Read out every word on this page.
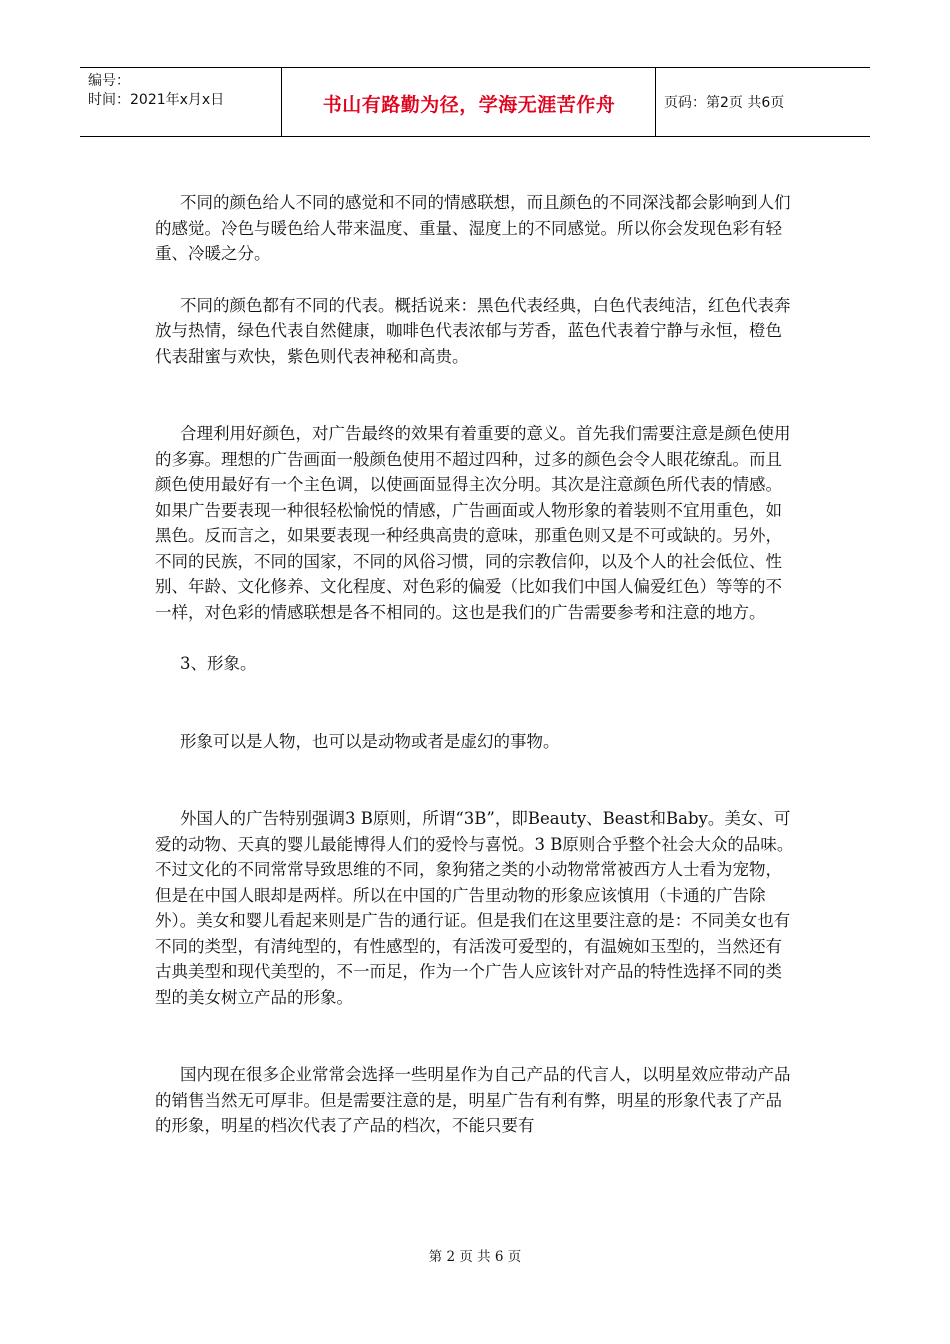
编号：
时间：2021年x月x日	书山有路勤为径，学海无涯苦作舟	页码：第2页 共6页

不同的颜色给人不同的感觉和不同的情感联想，而且颜色的不同深浅都会影响到人们的感觉。冷色与暖色给人带来温度、重量、湿度上的不同感觉。所以你会发现色彩有轻重、冷暖之分。

不同的颜色都有不同的代表。概括说来：黑色代表经典，白色代表纯洁，红色代表奔放与热情，绿色代表自然健康，咖啡色代表浓郁与芳香，蓝色代表着宁静与永恒，橙色代表甜蜜与欢快，紫色则代表神秘和高贵。

合理利用好颜色，对广告最终的效果有着重要的意义。首先我们需要注意是颜色使用的多寡。理想的广告画面一般颜色使用不超过四种，过多的颜色会令人眼花缭乱。而且颜色使用最好有一个主色调，以使画面显得主次分明。其次是注意颜色所代表的情感。如果广告要表现一种很轻松愉悦的情感，广告画面或人物形象的着装则不宜用重色，如黑色。反而言之，如果要表现一种经典高贵的意味，那重色则又是不可或缺的。另外，不同的民族，不同的国家，不同的风俗习惯，同的宗教信仰，以及个人的社会低位、性别、年龄、文化修养、文化程度、对色彩的偏爱（比如我们中国人偏爱红色）等等的不一样，对色彩的情感联想是各不相同的。这也是我们的广告需要参考和注意的地方。

3、形象。

形象可以是人物，也可以是动物或者是虚幻的事物。

外国人的广告特别强调3 B原则，所谓“3B”，即Beauty、Beast和Baby。美女、可爱的动物、天真的婴儿最能博得人们的爱怜与喜悦。3 B原则合乎整个社会大众的品味。不过文化的不同常常导致思维的不同，象狗猪之类的小动物常常被西方人士看为宠物，但是在中国人眼却是两样。所以在中国的广告里动物的形象应该慎用（卡通的广告除外）。美女和婴儿看起来则是广告的通行证。但是我们在这里要注意的是：不同美女也有不同的类型，有清纯型的，有性感型的，有活泼可爱型的，有温婉如玉型的，当然还有古典美型和现代美型的，不一而足，作为一个广告人应该针对产品的特性选择不同的类型的美女树立产品的形象。

国内现在很多企业常常会选择一些明星作为自己产品的代言人，以明星效应带动产品的销售当然无可厚非。但是需要注意的是，明星广告有利有弊，明星的形象代表了产品的形象，明星的档次代表了产品的档次，不能只要有

第 2 页 共 6 页
